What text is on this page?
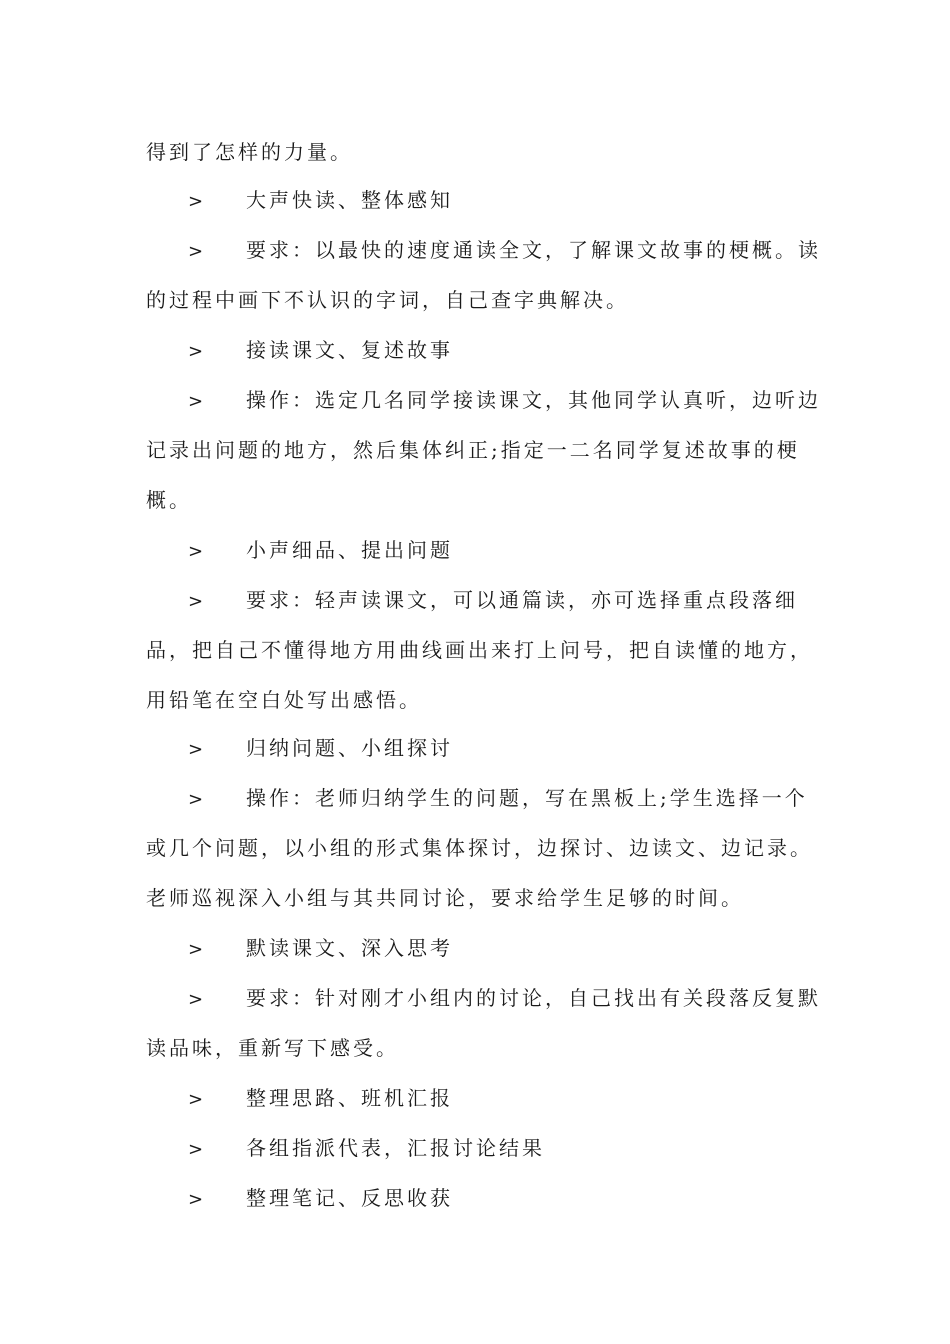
得到了怎样的力量。
> 大声快读、整体感知
> 要求：以最快的速度通读全文，了解课文故事的梗概。读
的过程中画下不认识的字词，自己查字典解决。
> 接读课文、复述故事
> 操作：选定几名同学接读课文，其他同学认真听，边听边
记录出问题的地方，然后集体纠正;指定一二名同学复述故事的梗
概。
> 小声细品、提出问题
> 要求：轻声读课文，可以通篇读，亦可选择重点段落细
品，把自己不懂得地方用曲线画出来打上问号，把自读懂的地方，
用铅笔在空白处写出感悟。
> 归纳问题、小组探讨
> 操作：老师归纳学生的问题，写在黑板上;学生选择一个
或几个问题，以小组的形式集体探讨，边探讨、边读文、边记录。
老师巡视深入小组与其共同讨论，要求给学生足够的时间。
> 默读课文、深入思考
> 要求：针对刚才小组内的讨论，自己找出有关段落反复默
读品味，重新写下感受。
> 整理思路、班机汇报
> 各组指派代表，汇报讨论结果
> 整理笔记、反思收获
